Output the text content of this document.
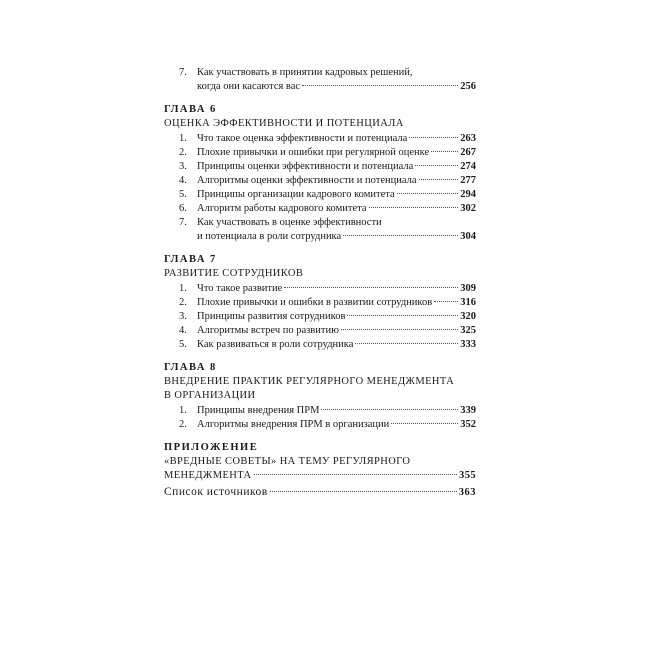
7. Как участвовать в принятии кадровых решений,
когда они касаются вас	256
ГЛАВА 6
ОЦЕНКА ЭФФЕКТИВНОСТИ И ПОТЕНЦИАЛА
1. Что такое оценка эффективности и потенциала	263
2. Плохие привычки и ошибки при регулярной оценке	267
3. Принципы оценки эффективности и потенциала	274
4. Алгоритмы оценки эффективности и потенциала	277
5. Принципы организации кадрового комитета	294
6. Алгоритм работы кадрового комитета	302
7. Как участвовать в оценке эффективности
и потенциала в роли сотрудника	304
ГЛАВА 7
РАЗВИТИЕ СОТРУДНИКОВ
1. Что такое развитие	309
2. Плохие привычки и ошибки в развитии сотрудников	316
3. Принципы развития сотрудников	320
4. Алгоритмы встреч по развитию	325
5. Как развиваться в роли сотрудника	333
ГЛАВА 8
ВНЕДРЕНИЕ ПРАКТИК РЕГУЛЯРНОГО МЕНЕДЖМЕНТА
В ОРГАНИЗАЦИИ
1. Принципы внедрения ПРМ	339
2. Алгоритмы внедрения ПРМ в организации	352
ПРИЛОЖЕНИЕ
«ВРЕДНЫЕ СОВЕТЫ» НА ТЕМУ РЕГУЛЯРНОГО
МЕНЕДЖМЕНТА	355
Список источников	363
